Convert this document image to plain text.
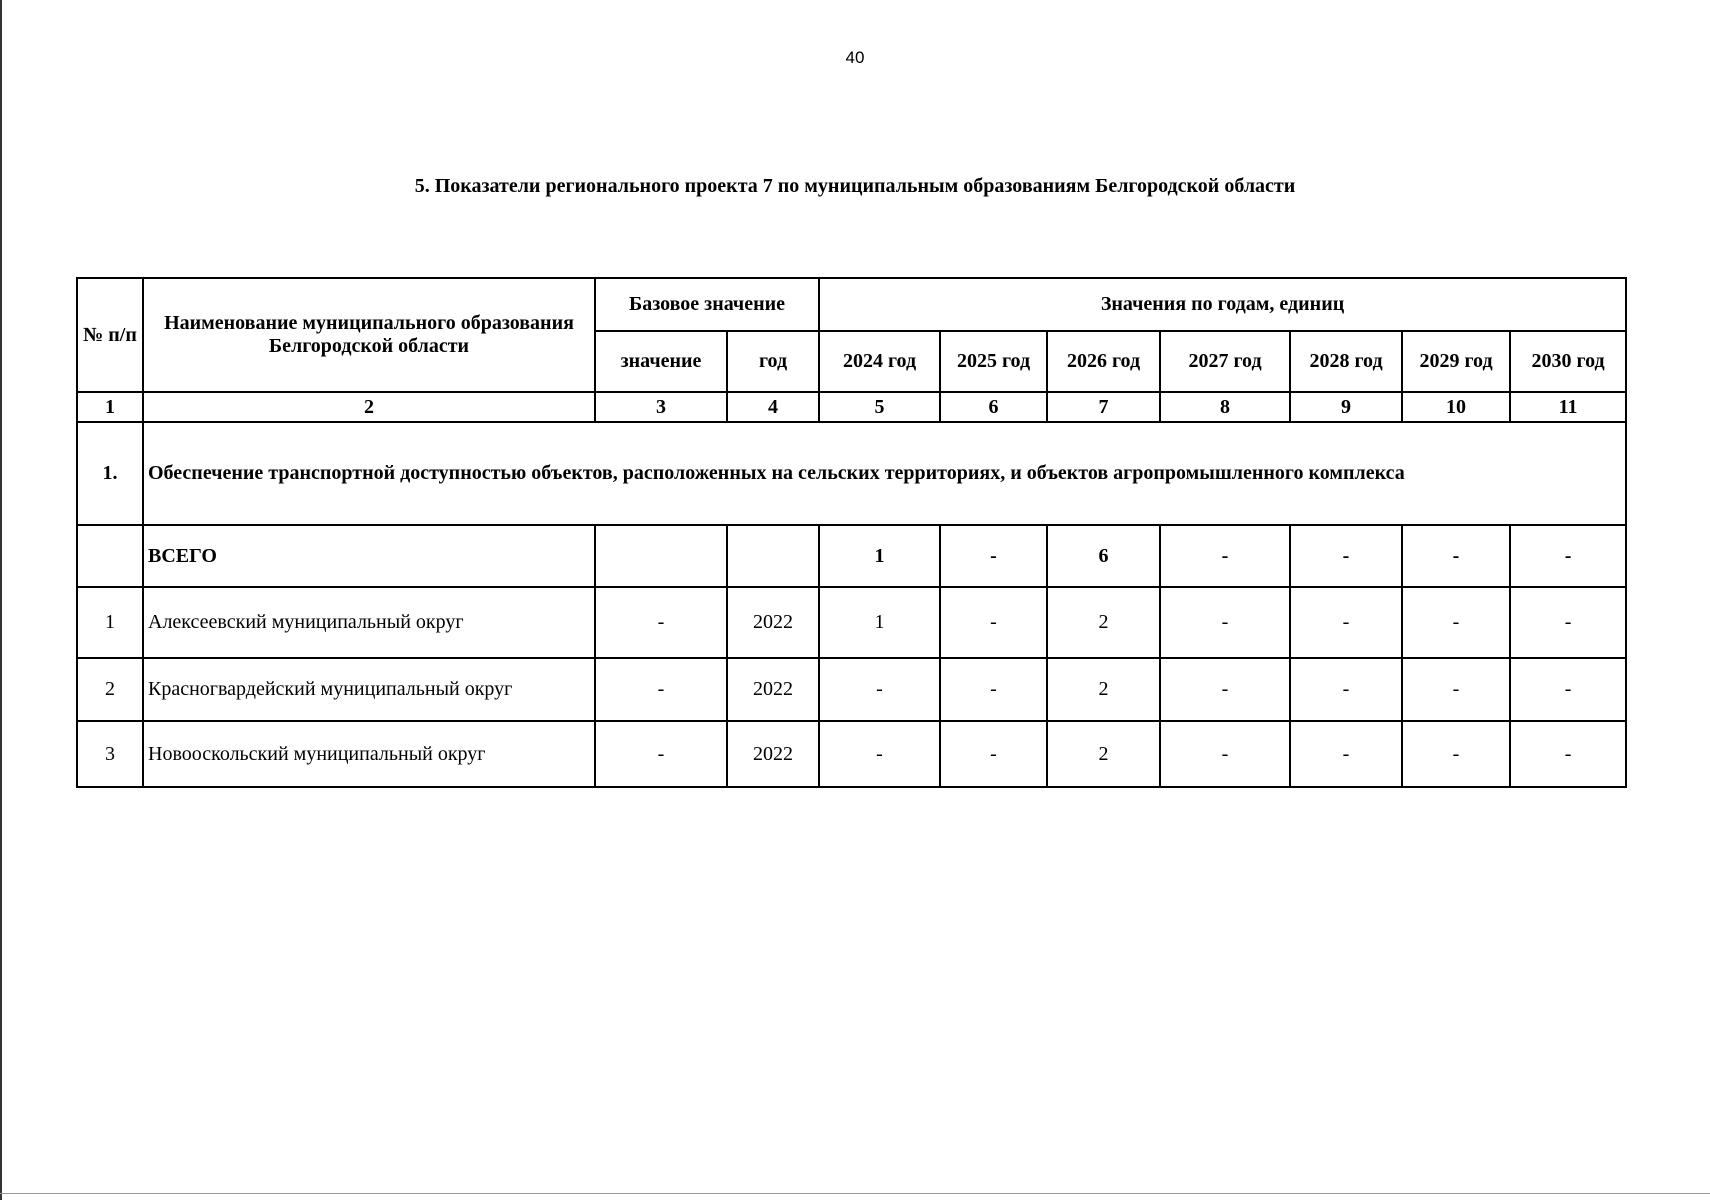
40
5. Показатели регионального проекта 7 по муниципальным образованиям Белгородской области
№ п/п	Наименование муниципального образования Белгородской области	Базовое значение		Значения по годам, единиц						
		значение	год	2024 год	2025 год	2026 год	2027 год	2028 год	2029 год	2030 год
1	2	3	4	5	6	7	8	9	10	11
1.	Обеспечение транспортной доступностью объектов, расположенных на сельских территориях, и объектов агропромышленного комплекса									
	ВСЕГО			1	-	6	-	-	-	-
1	Алексеевский муниципальный округ	-	2022	1	-	2	-	-	-	-
2	Красногвардейский муниципальный округ	-	2022	-	-	2	-	-	-	-
3	Новооскольский муниципальный округ	-	2022	-	-	2	-	-	-	-
